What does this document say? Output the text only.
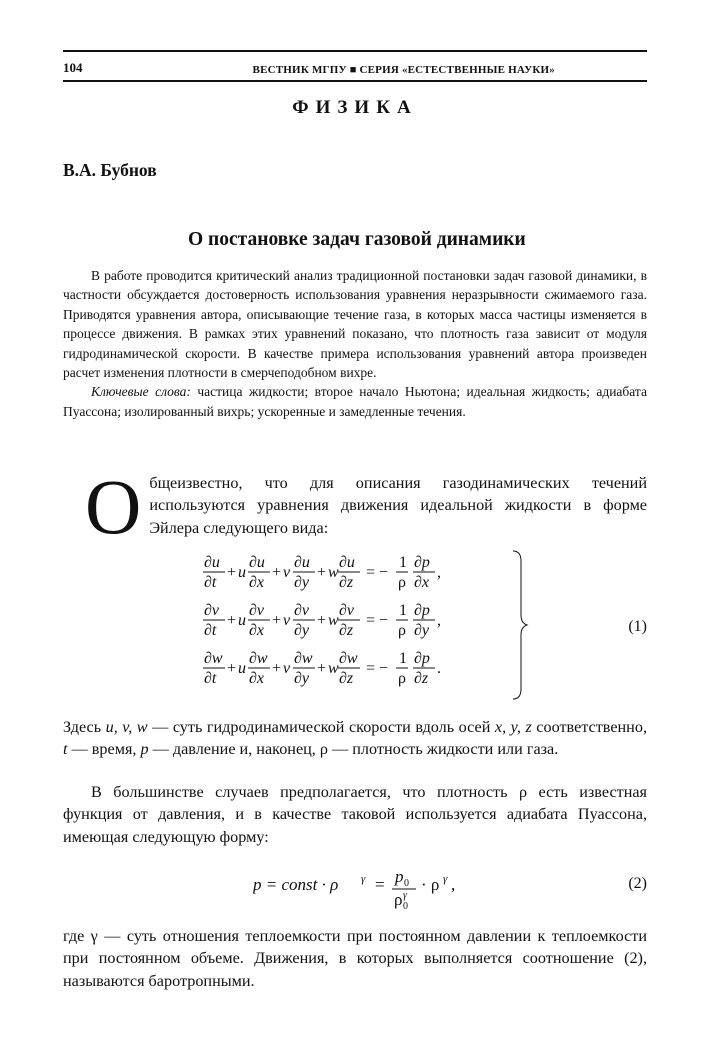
104	ВЕСТНИК МГПУ ■ СЕРИЯ «ЕСТЕСТВЕННЫЕ НАУКИ»
ФИЗИКА
В.А. Бубнов
О постановке задач газовой динамики

В работе проводится критический анализ традиционной постановки задач газовой динамики, в частности обсуждается достоверность использования уравнения неразрывности сжимаемого газа. Приводятся уравнения автора, описывающие течение газа, в которых масса частицы изменяется в процессе движения. В рамках этих уравнений показано, что плотность газа зависит от модуля гидродинамической скорости. В качестве примера использования уравнений автора произведен расчет изменения плотности в смерчеподобном вихре.

Ключевые слова: частица жидкости; второе начало Ньютона; идеальная жидкость; адиабата Пуассона; изолированный вихрь; ускоренные и замедленные течения.

О бщеизвестно, что для описания газодинамических течений используются уравнения движения идеальной жидкости в форме Эйлера следующего вида:

∂u
∂t
+ u
∂u
∂x
+ v
∂u
∂y
+ w
∂u
∂z
= −
1
ρ
∂p
∂x
,
∂v
∂t
+ u
∂v
∂x
+ v
∂v
∂y
+ w
∂v
∂z
= −
1
ρ
∂p
∂y
,
∂w
∂t
+ u
∂w
∂x
+ v
∂w
∂y
+ w
∂w
∂z
= −
1
ρ
∂p
∂z
.
(1)

Здесь u, v, w — суть гидродинамической скорости вдоль осей x, y, z соответственно, t — время, p — давление и, наконец, ρ — плотность жидкости или газа.

В большинстве случаев предполагается, что плотность ρ есть известная функция от давления, и в качестве таковой используется адиабата Пуассона, имеющая следующую форму:

p = const · ρ γ = p 0
ρ γ
0
· ρ γ ,	(2)

где γ — суть отношения теплоемкости при постоянном давлении к теплоемкости при постоянном объеме. Движения, в которых выполняется соотношение (2), называются баротропными.
